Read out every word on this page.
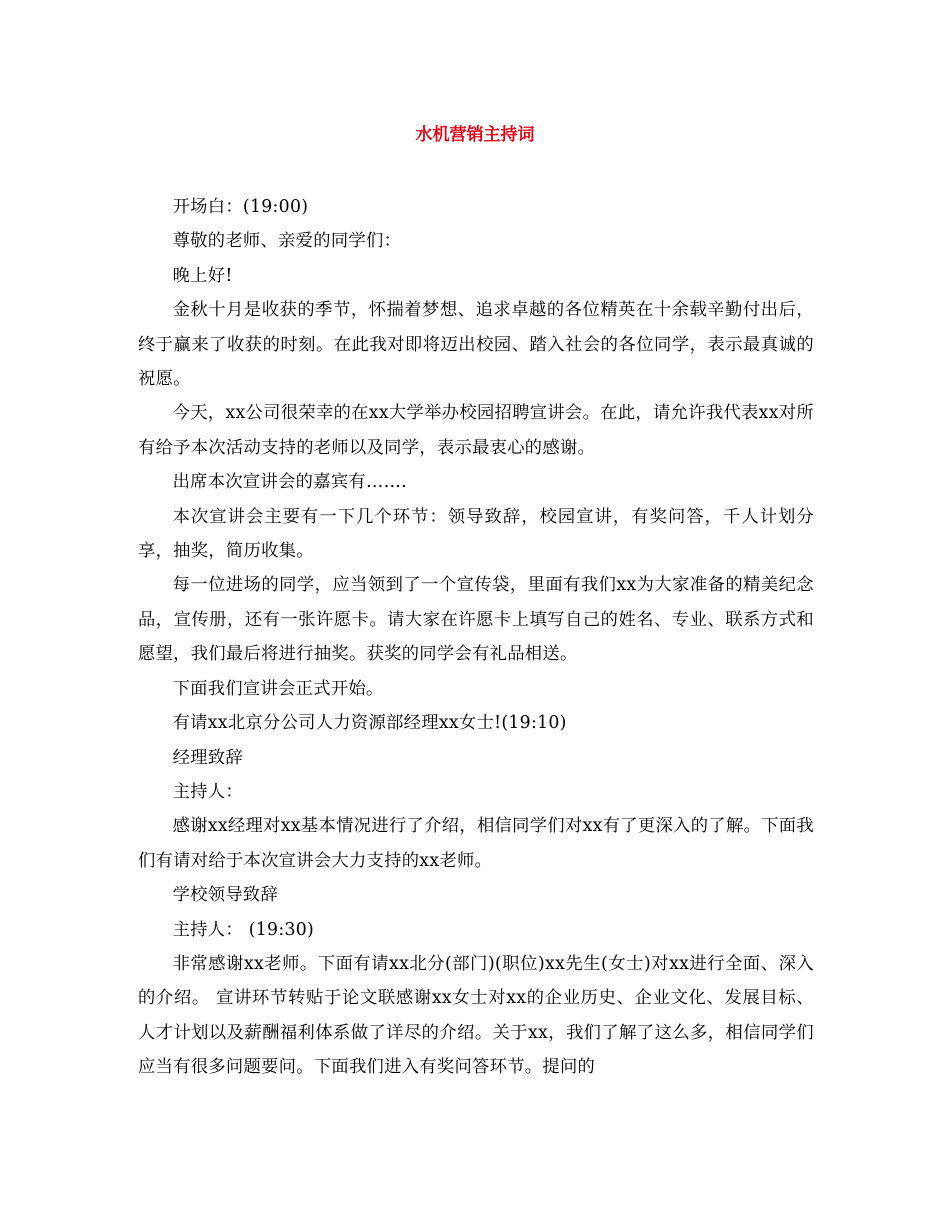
水机营销主持词

开场白：(19:00)

尊敬的老师、亲爱的同学们：

晚上好!

金秋十月是收获的季节，怀揣着梦想、追求卓越的各位精英在十余载辛勤付出后，终于赢来了收获的时刻。在此我对即将迈出校园、踏入社会的各位同学，表示最真诚的祝愿。

今天，xx公司很荣幸的在xx大学举办校园招聘宣讲会。在此，请允许我代表xx对所有给予本次活动支持的老师以及同学，表示最衷心的感谢。

出席本次宣讲会的嘉宾有…….

本次宣讲会主要有一下几个环节：领导致辞，校园宣讲，有奖问答，千人计划分享，抽奖，简历收集。

每一位进场的同学，应当领到了一个宣传袋，里面有我们xx为大家准备的精美纪念品，宣传册，还有一张许愿卡。请大家在许愿卡上填写自己的姓名、专业、联系方式和愿望，我们最后将进行抽奖。获奖的同学会有礼品相送。

下面我们宣讲会正式开始。

有请xx北京分公司人力资源部经理xx女士!(19:10)

经理致辞

主持人：

感谢xx经理对xx基本情况进行了介绍，相信同学们对xx有了更深入的了解。下面我们有请对给于本次宣讲会大力支持的xx老师。

学校领导致辞

主持人： (19:30)

非常感谢xx老师。下面有请xx北分(部门)(职位)xx先生(女士)对xx进行全面、深入的介绍。 宣讲环节转贴于论文联感谢xx女士对xx的企业历史、企业文化、发展目标、人才计划以及薪酬福利体系做了详尽的介绍。关于xx，我们了解了这么多，相信同学们应当有很多问题要问。下面我们进入有奖问答环节。提问的
